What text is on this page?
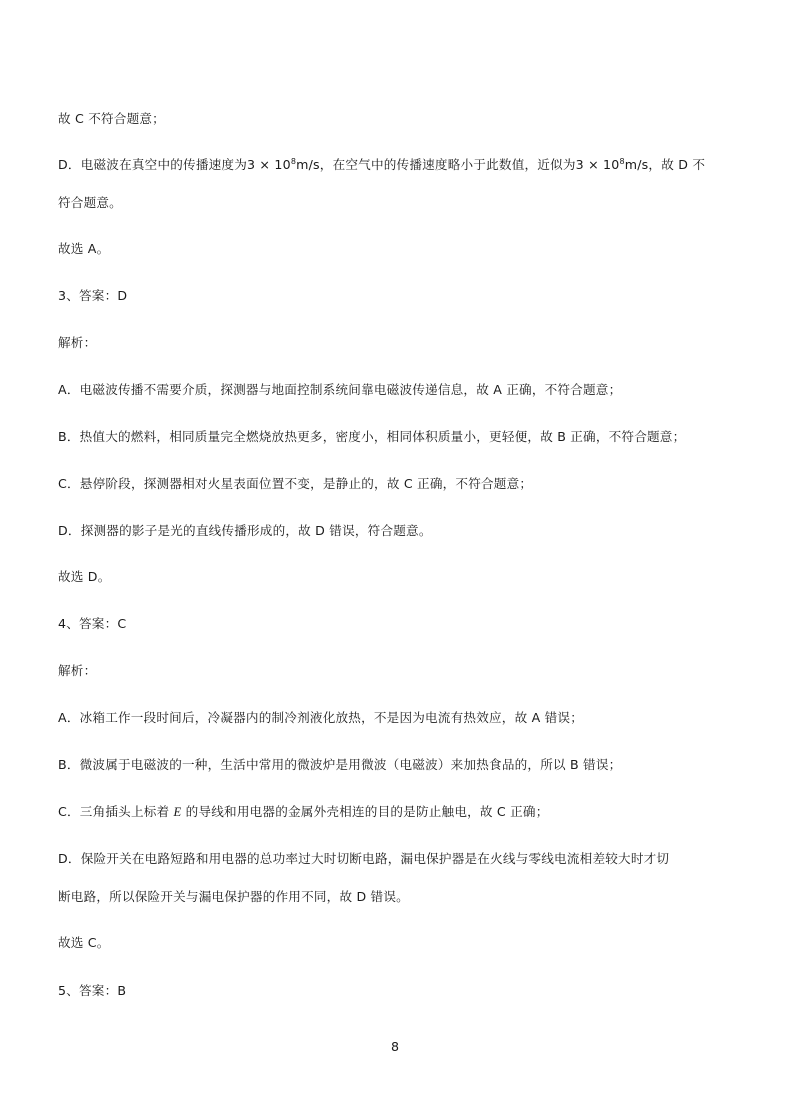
故 C 不符合题意；
D．电磁波在真空中的传播速度为$3 \times 10^8m/s$，在空气中的传播速度略小于此数值，近似为$3 \times 10^8m/s$，故 D 不
符合题意。
故选 A。
3、答案：D
解析：
A．电磁波传播不需要介质，探测器与地面控制系统间靠电磁波传递信息，故 A 正确，不符合题意；
B．热值大的燃料，相同质量完全燃烧放热更多，密度小，相同体积质量小，更轻便，故 B 正确，不符合题意；
C．悬停阶段，探测器相对火星表面位置不变，是静止的，故 C 正确，不符合题意；
D．探测器的影子是光的直线传播形成的，故 D 错误，符合题意。
故选 D。
4、答案：C
解析：
A．冰箱工作一段时间后，冷凝器内的制冷剂液化放热，不是因为电流有热效应，故 A 错误；
B．微波属于电磁波的一种，生活中常用的微波炉是用微波（电磁波）来加热食品的，所以 B 错误；
C．三角插头上标着 E 的导线和用电器的金属外壳相连的目的是防止触电，故 C 正确；
D．保险开关在电路短路和用电器的总功率过大时切断电路，漏电保护器是在火线与零线电流相差较大时才切
断电路，所以保险开关与漏电保护器的作用不同，故 D 错误。
故选 C。
5、答案：B
8
